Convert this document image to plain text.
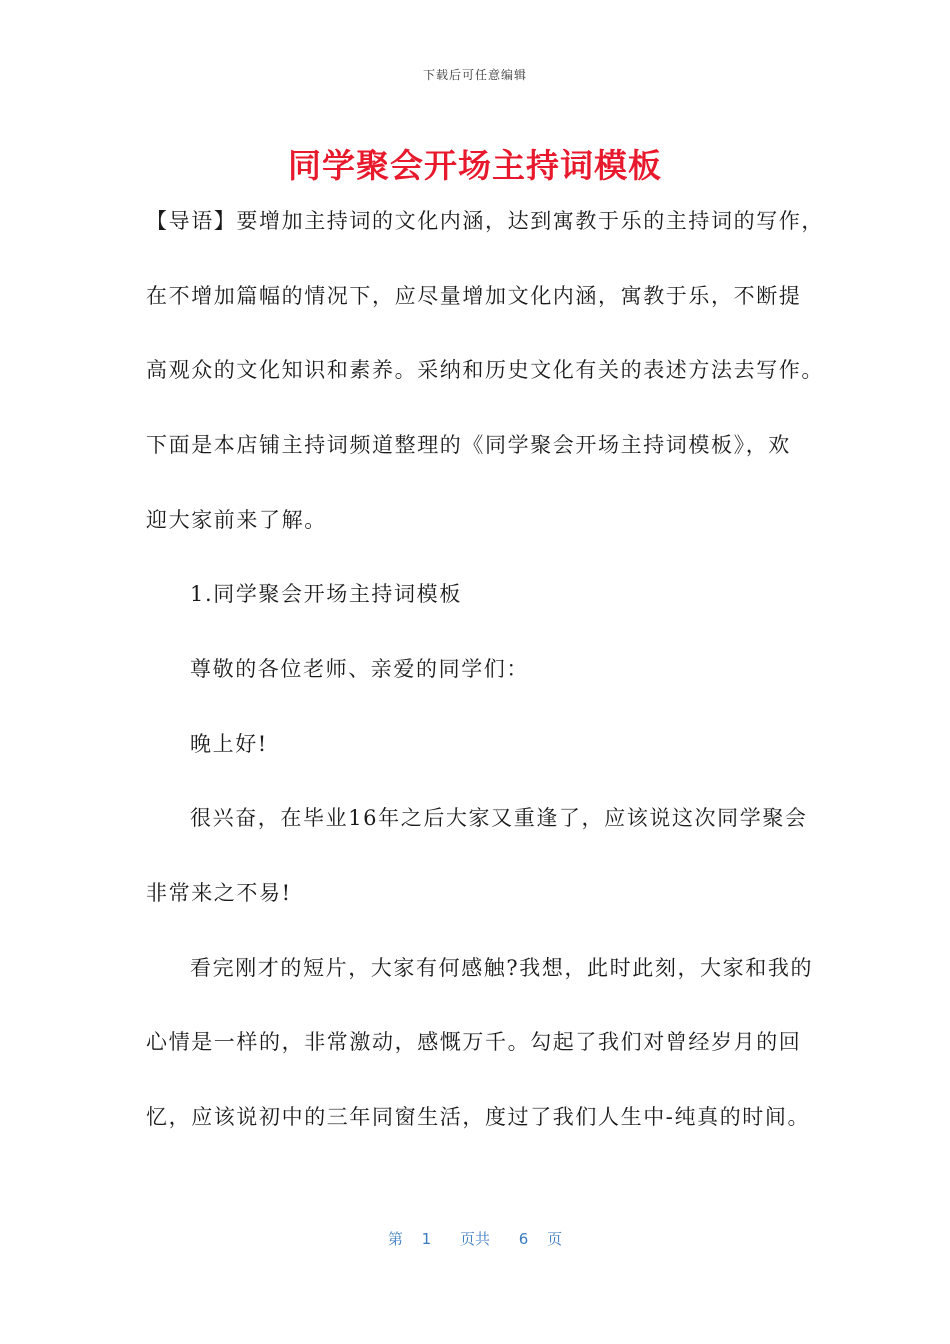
下载后可任意编辑
同学聚会开场主持词模板
【导语】要增加主持词的文化内涵，达到寓教于乐的主持词的写作，
在不增加篇幅的情况下，应尽量增加文化内涵，寓教于乐，不断提
高观众的文化知识和素养。采纳和历史文化有关的表述方法去写作。
下面是本店铺主持词频道整理的《同学聚会开场主持词模板》，欢
迎大家前来了解。
1.同学聚会开场主持词模板
尊敬的各位老师、亲爱的同学们：
晚上好!
很兴奋，在毕业16年之后大家又重逢了，应该说这次同学聚会
非常来之不易!
看完刚才的短片，大家有何感触?我想，此时此刻，大家和我的
心情是一样的，非常激动，感慨万千。勾起了我们对曾经岁月的回
忆，应该说初中的三年同窗生活，度过了我们人生中-纯真的时间。
第 1 页共 6 页
